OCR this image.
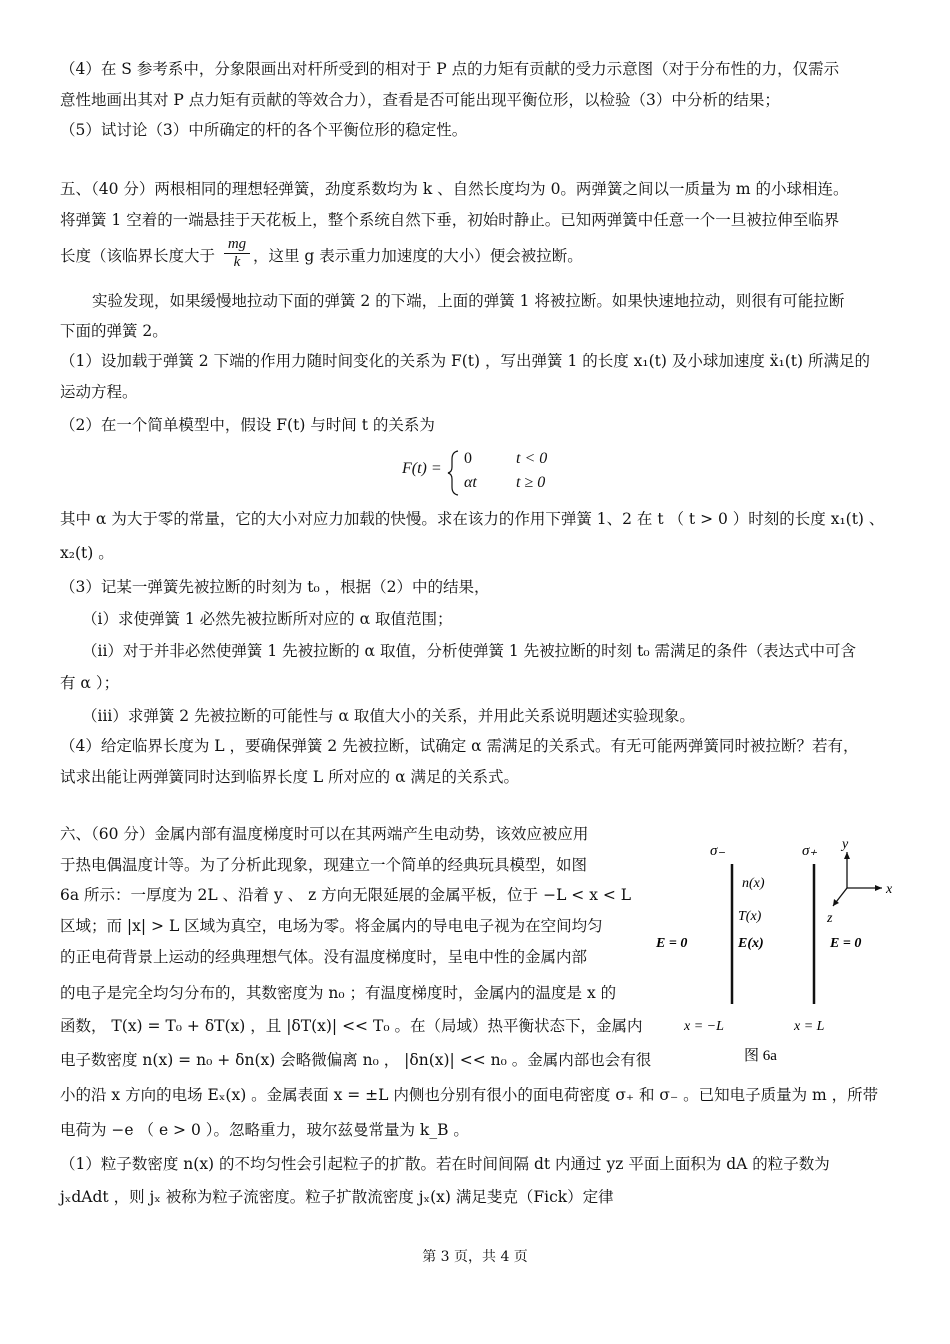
（4）在 S 参考系中，分象限画出对杆所受到的相对于 P 点的力矩有贡献的受力示意图（对于分布性的力，仅需示
意性地画出其对 P 点力矩有贡献的等效合力），查看是否可能出现平衡位形，以检验（3）中分析的结果；
（5）试讨论（3）中所确定的杆的各个平衡位形的稳定性。
五、（40 分）两根相同的理想轻弹簧，劲度系数均为 k 、自然长度均为 0。两弹簧之间以一质量为 m 的小球相连。
将弹簧 1 空着的一端悬挂于天花板上，整个系统自然下垂，初始时静止。已知两弹簧中任意一个一旦被拉伸至临界
长度（该临界长度大于 $\frac{mg}{k}$ ，这里 g 表示重力加速度的大小）便会被拉断。
实验发现，如果缓慢地拉动下面的弹簧 2 的下端，上面的弹簧 1 将被拉断。如果快速地拉动，则很有可能拉断
下面的弹簧 2。
（1）设加载于弹簧 2 下端的作用力随时间变化的关系为 F(t) ，写出弹簧 1 的长度 x₁(t) 及小球加速度 ẍ₁(t) 所满足的
运动方程。
（2）在一个简单模型中，假设 F(t) 与时间 t 的关系为
F(t) =
0	t < 0
αt t ≥ 0
其中 α 为大于零的常量，它的大小对应力加载的快慢。求在该力的作用下弹簧 1、2 在 t （ t > 0 ）时刻的长度 x₁(t) 、
x₂(t) 。
（3）记某一弹簧先被拉断的时刻为 t₀ ，根据（2）中的结果，
（i）求使弹簧 1 必然先被拉断所对应的 α 取值范围；
（ii）对于并非必然使弹簧 1 先被拉断的 α 取值，分析使弹簧 1 先被拉断的时刻 t₀ 需满足的条件（表达式中可含
有 α ）；
（iii）求弹簧 2 先被拉断的可能性与 α 取值大小的关系，并用此关系说明题述实验现象。
（4）给定临界长度为 L ，要确保弹簧 2 先被拉断，试确定 α 需满足的关系式。有无可能两弹簧同时被拉断？若有，
试求出能让两弹簧同时达到临界长度 L 所对应的 α 满足的关系式。
六、（60 分）金属内部有温度梯度时可以在其两端产生电动势，该效应被应用
于热电偶温度计等。为了分析此现象，现建立一个简单的经典玩具模型，如图
6a 所示：一厚度为 2L 、沿着 y 、 z 方向无限延展的金属平板，位于 −L < x < L
区域；而 |x| > L 区域为真空，电场为零。将金属内的导电电子视为在空间均匀
的正电荷背景上运动的经典理想气体。没有温度梯度时，呈电中性的金属内部
的电子是完全均匀分布的，其数密度为 n₀ ；有温度梯度时，金属内的温度是 x 的
函数， T(x) = T₀ + δT(x) ，且 |δT(x)| << T₀ 。在（局域）热平衡状态下，金属内
电子数密度 n(x) = n₀ + δn(x) 会略微偏离 n₀ ， |δn(x)| << n₀ 。金属内部也会有很
小的沿 x 方向的电场 Eₓ(x) 。金属表面 x = ±L 内侧也分别有很小的面电荷密度 σ₊ 和 σ₋ 。已知电子质量为 m ，所带
电荷为 −e （ e > 0 ）。忽略重力，玻尔兹曼常量为 k_B 。
（1）粒子数密度 n(x) 的不均匀性会引起粒子的扩散。若在时间间隔 dt 内通过 yz 平面上面积为 dA 的粒子数为
jₓdAdt ，则 jₓ 被称为粒子流密度。粒子扩散流密度 jₓ(x) 满足斐克（Fick）定律
σ₋	σ₊
n(x)
T(x)
E(x)
E = 0	E = 0
x = −L	x = L
x
y
z
图 6a
第 3 页，共 4 页
